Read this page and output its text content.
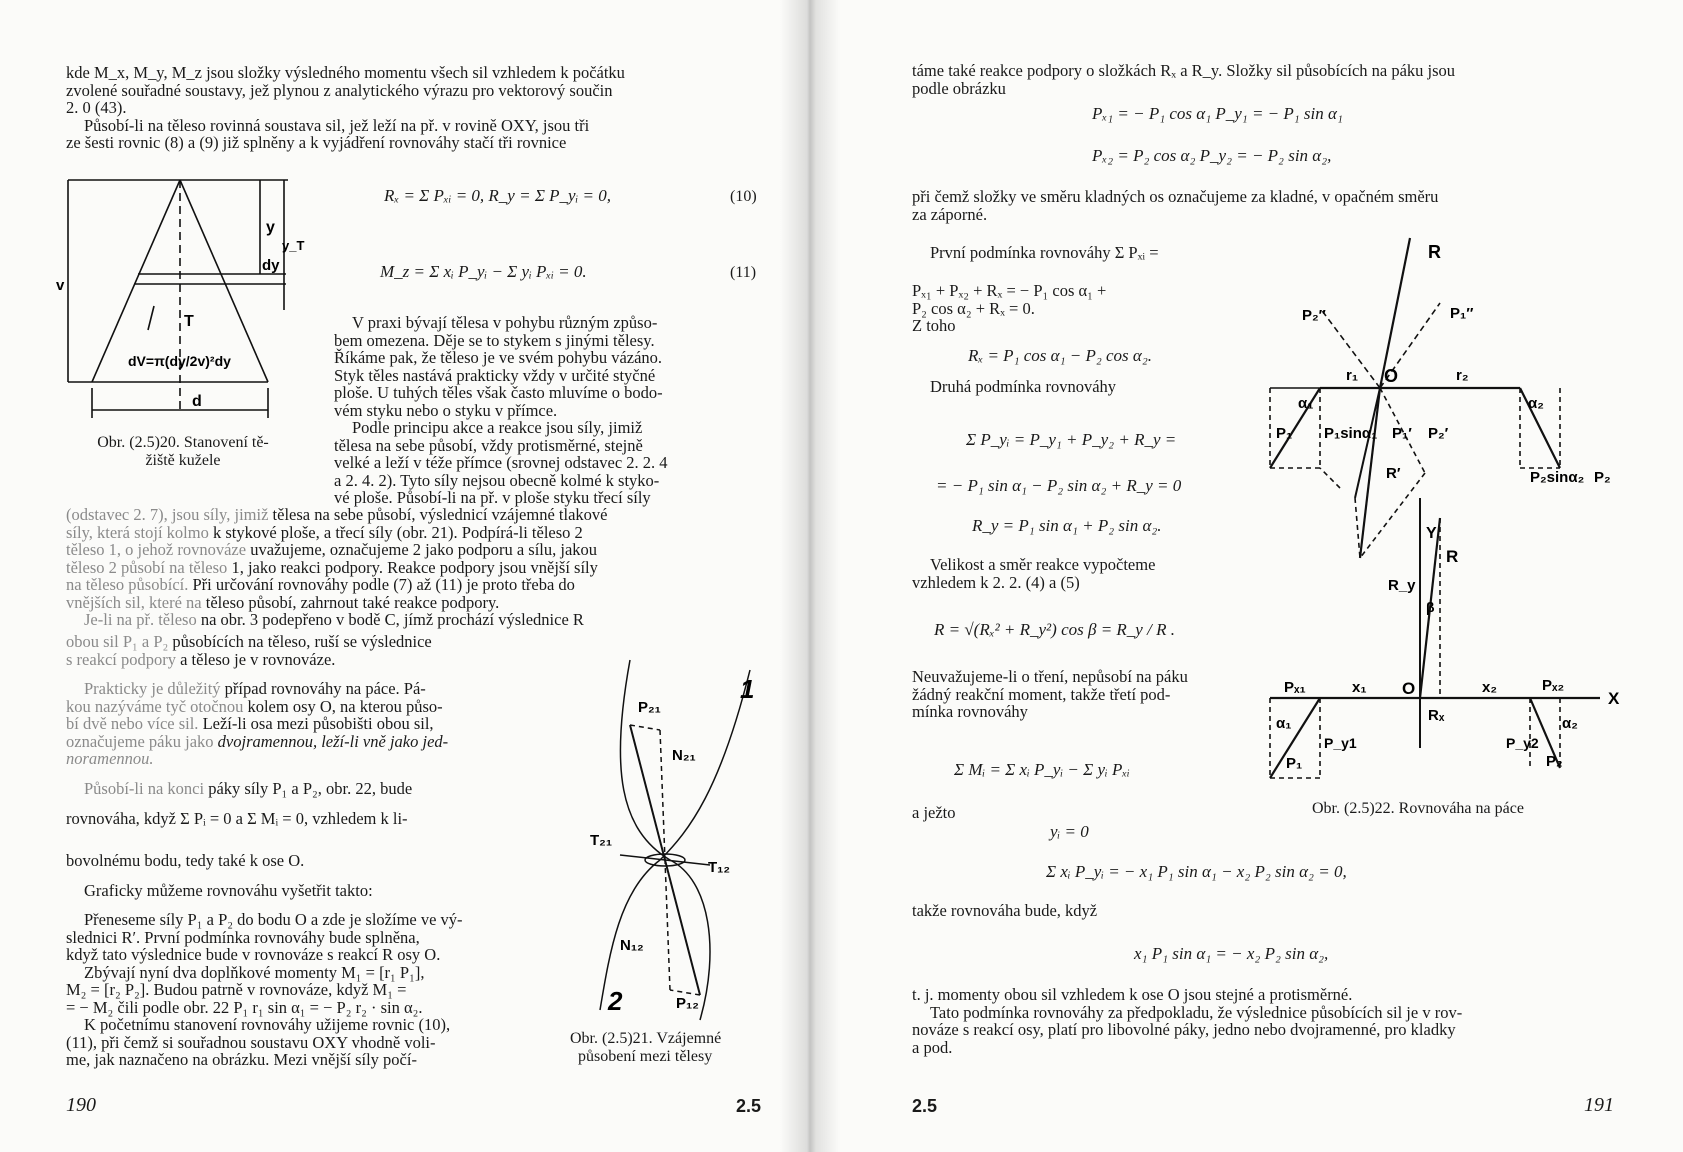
kde M_x, M_y, M_z jsou složky výsledného momentu všech sil vzhledem k počátku
zvolené souřadné soustavy, jež plynou z analytického výrazu pro vektorový součin
2. 0 (43).
Působí-li na těleso rovinná soustava sil, jež leží na př. v rovině OXY, jsou tři
ze šesti rovnic (8) a (9) již splněny a k vyjádření rovnováhy stačí tři rovnice
y
dy
y_T
v
T
dV=π(dy/2v)²dy
d
Obr. (2.5)20. Stanovení tě-
žiště kužele
Rₓ = Σ Pₓᵢ = 0, R_y = Σ P_yᵢ = 0,	(10)
M_z = Σ xᵢ P_yᵢ − Σ yᵢ Pₓᵢ = 0.	(11)
V praxi bývají tělesa v pohybu různým způso-
bem omezena. Děje se to stykem s jinými tělesy.
Říkáme pak, že těleso je ve svém pohybu vázáno.
Styk těles nastává prakticky vždy v určité styčné
ploše. U tuhých těles však často mluvíme o bodo-
vém styku nebo o styku v přímce.
Podle principu akce a reakce jsou síly, jimiž
tělesa na sebe působí, vždy protisměrné, stejně
velké a leží v téže přímce (srovnej odstavec 2. 2. 4
a 2. 4. 2). Tyto síly nejsou obecně kolmé k styko-
vé ploše. Působí-li na př. v ploše styku třecí síly
(odstavec 2. 7), jsou síly, jimiž tělesa na sebe působí, výslednicí vzájemné tlakové
síly, která stojí kolmo k stykové ploše, a třecí síly (obr. 21). Podpírá-li těleso 2
těleso 1, o jehož rovnováze uvažujeme, označujeme 2 jako podporu a sílu, jakou
těleso 2 působí na těleso 1, jako reakci podpory. Reakce podpory jsou vnější síly
na těleso působící. Při určování rovnováhy podle (7) až (11) je proto třeba do
vnějších sil, které na těleso působí, zahrnout také reakce podpory.
Je-li na př. těleso na obr. 3 podepřeno v bodě C, jímž prochází výslednice R
obou sil P₁ a P₂ působících na těleso, ruší se výslednice
s reakcí podpory a těleso je v rovnováze.
Prakticky je důležitý případ rovnováhy na páce. Pá-
kou nazýváme tyč otočnou kolem osy O, na kterou půso-
bí dvě nebo více sil. Leží-li osa mezi působišti obou sil,
označujeme páku jako dvojramennou, leží-li vně jako jed-
noramennou.
Působí-li na konci páky síly P₁ a P₂, obr. 22, bude
rovnováha, když Σ Pᵢ = 0 a Σ Mᵢ = 0, vzhledem k li-
bovolnému bodu, tedy také k ose O.
Graficky můžeme rovnováhu vyšetřit takto:
Přeneseme síly P₁ a P₂ do bodu O a zde je složíme ve vý-
slednici R′. První podmínka rovnováhy bude splněna,
když tato výslednice bude v rovnováze s reakcí R osy O.
Zbývají nyní dva doplňkové momenty M₁ = [r₁ P₁],
M₂ = [r₂ P₂]. Budou patrně v rovnováze, když M₁ =
= − M₂ čili podle obr. 22 P₁ r₁ sin α₁ = − P₂ r₂ · sin α₂.
K početnímu stanovení rovnováhy užijeme rovnic (10),
(11), při čemž si souřadnou soustavu OXY vhodně voli-
me, jak naznačeno na obrázku. Mezi vnější síly počí-
P₂₁
N₂₁
T₂₁
T₁₂
N₁₂
P₁₂
1
2
Obr. (2.5)21. Vzájemné
působení mezi tělesy
190	2.5
táme také reakce podpory o složkách Rₓ a R_y. Složky sil působících na páku jsou
podle obrázku
Pₓ₁ = − P₁ cos α₁ P_y₁ = − P₁ sin α₁
Pₓ₂ = P₂ cos α₂ P_y₂ = − P₂ sin α₂,
při čemž složky ve směru kladných os označujeme za kladné, v opačném směru
za záporné.
První podmínka rovnováhy Σ Pₓᵢ =
Pₓ₁ + Pₓ₂ + Rₓ = − P₁ cos α₁ +
P₂ cos α₂ + Rₓ = 0.
Z toho
Rₓ = P₁ cos α₁ − P₂ cos α₂.
Druhá podmínka rovnováhy
Σ P_yᵢ = P_y₁ + P_y₂ + R_y =
= − P₁ sin α₁ − P₂ sin α₂ + R_y = 0
R_y = P₁ sin α₁ + P₂ sin α₂.
Velikost a směr reakce vypočteme
vzhledem k 2. 2. (4) a (5)
R = √(Rₓ² + R_y²) cos β = R_y / R .
Neuvažujeme-li o tření, nepůsobí na páku
žádný reakční moment, takže třetí pod-
mínka rovnováhy
Σ Mᵢ = Σ xᵢ P_yᵢ − Σ yᵢ Pₓᵢ
a ježto
yᵢ = 0
Σ xᵢ P_yᵢ = − x₁ P₁ sin α₁ − x₂ P₂ sin α₂ = 0,
takže rovnováha bude, když
x₁ P₁ sin α₁ = − x₂ P₂ sin α₂,
t. j. momenty obou sil vzhledem k ose O jsou stejné a protisměrné.
Tato podmínka rovnováhy za předpokladu, že výslednice působících sil je v rov-
nováze s reakcí osy, platí pro libovolné páky, jedno nebo dvojramenné, pro kladky
a pod.
R
P₂″	P₁″
r₁ O	r₂
α₁	α₂
P₁ P₁sinα₁ P₁′ P₂′
R′	P₂sinα₂ P₂
Y
R_y
β
R
Pₓ₁	x₁ O	x₂	Pₓ₂
X
Rₓ
α₁
P_y1
P₁
P_y2
α₂
P₂
Obr. (2.5)22. Rovnováha na páce
2.5	191
